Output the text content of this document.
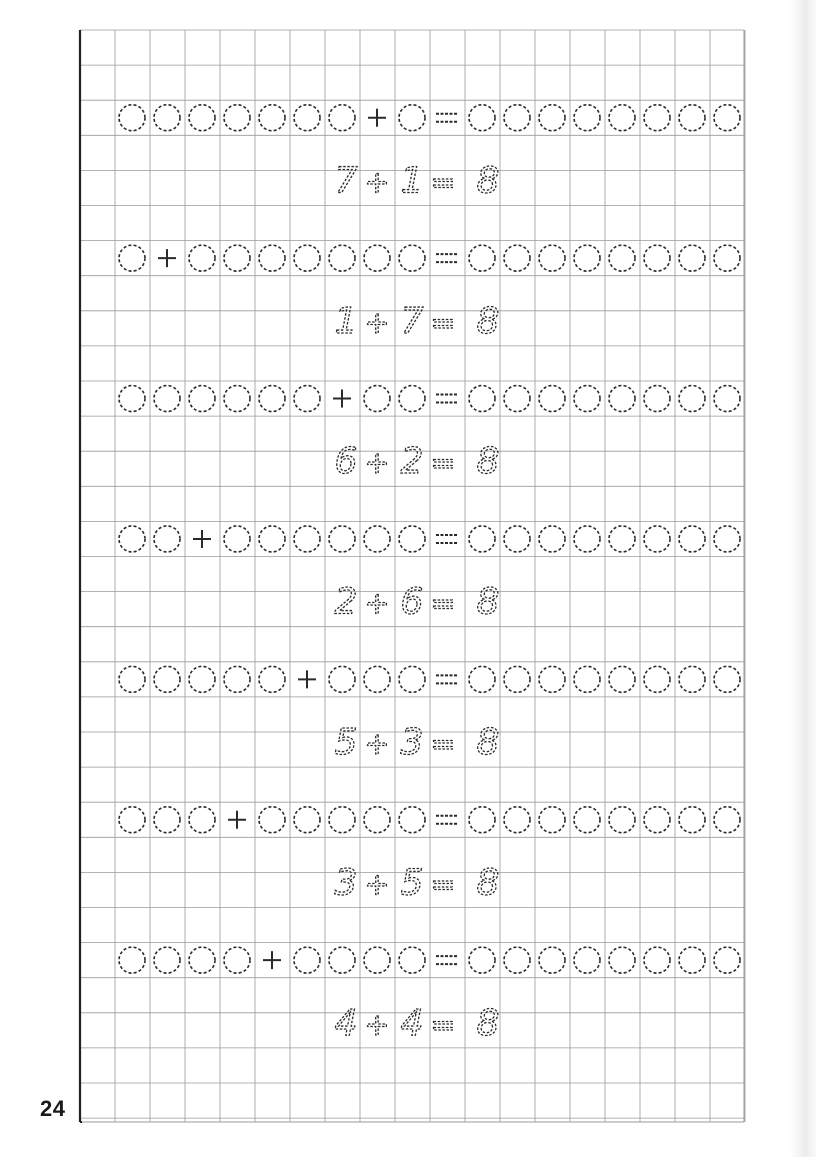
7 + 1 = 8
1 + 7 = 8
6 + 2 = 8
2 + 6 = 8
5 + 3 = 8
3 + 5 = 8
4 + 4 = 8
24
